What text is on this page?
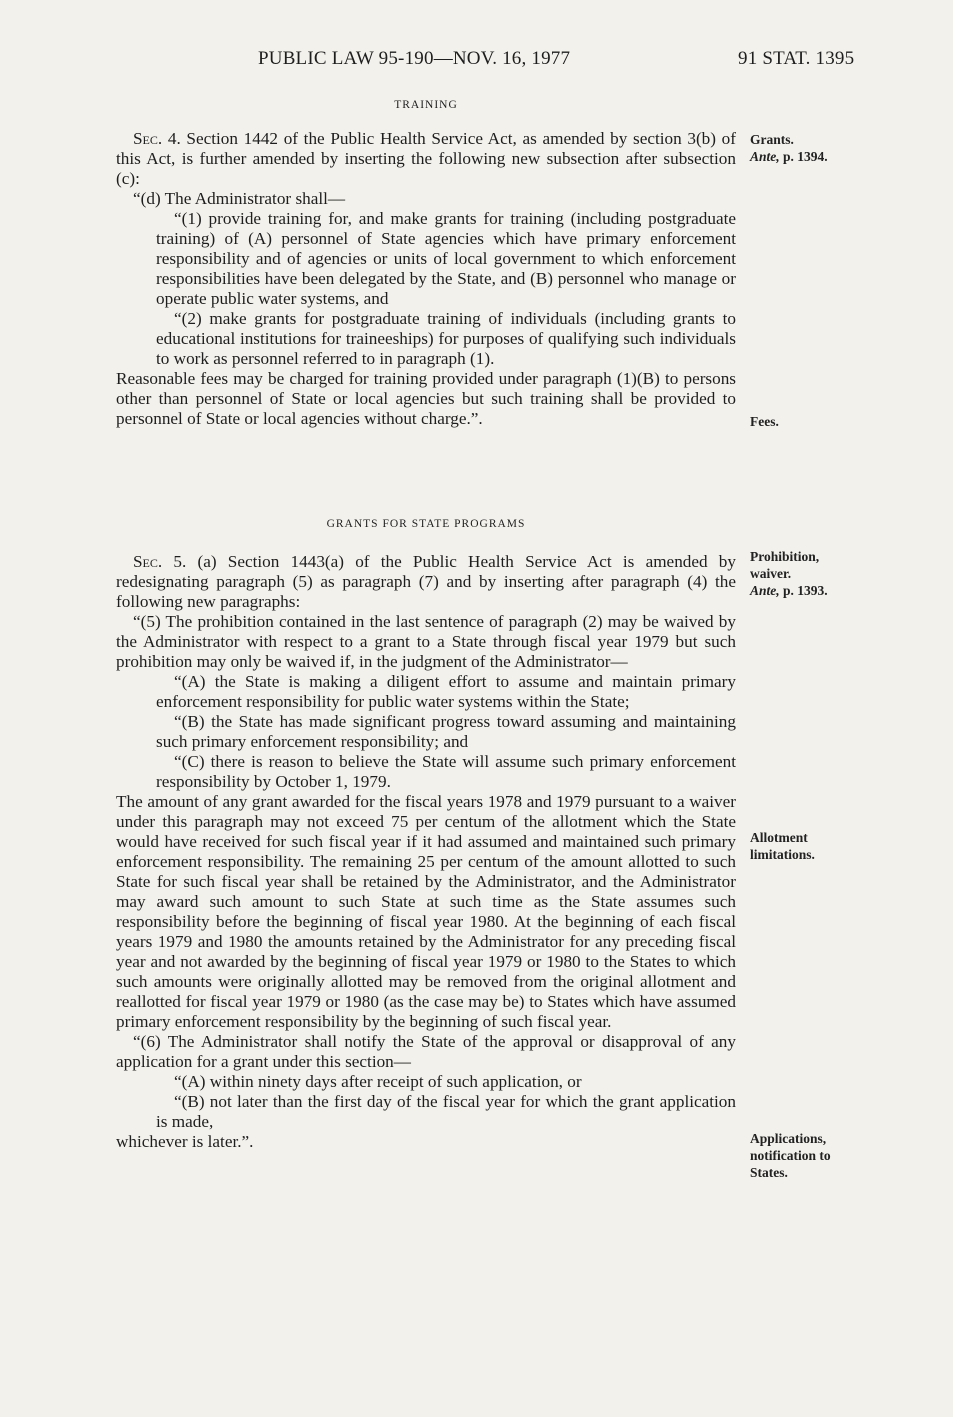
PUBLIC LAW 95-190—NOV. 16, 1977	91 STAT. 1395

TRAINING

Sec. 4. Section 1442 of the Public Health Service Act, as amended by section 3(b) of this Act, is further amended by inserting the following new subsection after subsection (c):

“(d) The Administrator shall—

“(1) provide training for, and make grants for training (including postgraduate training) of (A) personnel of State agencies which have primary enforcement responsibility and of agencies or units of local government to which enforcement responsibilities have been delegated by the State, and (B) personnel who manage or operate public water systems, and

“(2) make grants for postgraduate training of individuals (including grants to educational institutions for traineeships) for purposes of qualifying such individuals to work as personnel referred to in paragraph (1).

Reasonable fees may be charged for training provided under paragraph (1)(B) to persons other than personnel of State or local agencies but such training shall be provided to personnel of State or local agencies without charge.”.

GRANTS FOR STATE PROGRAMS

Sec. 5. (a) Section 1443(a) of the Public Health Service Act is amended by redesignating paragraph (5) as paragraph (7) and by inserting after paragraph (4) the following new paragraphs:

“(5) The prohibition contained in the last sentence of paragraph (2) may be waived by the Administrator with respect to a grant to a State through fiscal year 1979 but such prohibition may only be waived if, in the judgment of the Administrator—

“(A) the State is making a diligent effort to assume and maintain primary enforcement responsibility for public water systems within the State;

“(B) the State has made significant progress toward assuming and maintaining such primary enforcement responsibility; and

“(C) there is reason to believe the State will assume such primary enforcement responsibility by October 1, 1979.

The amount of any grant awarded for the fiscal years 1978 and 1979 pursuant to a waiver under this paragraph may not exceed 75 per centum of the allotment which the State would have received for such fiscal year if it had assumed and maintained such primary enforcement responsibility. The remaining 25 per centum of the amount allotted to such State for such fiscal year shall be retained by the Administrator, and the Administrator may award such amount to such State at such time as the State assumes such responsibility before the beginning of fiscal year 1980. At the beginning of each fiscal years 1979 and 1980 the amounts retained by the Administrator for any preceding fiscal year and not awarded by the beginning of fiscal year 1979 or 1980 to the States to which such amounts were originally allotted may be removed from the original allotment and reallotted for fiscal year 1979 or 1980 (as the case may be) to States which have assumed primary enforcement responsibility by the beginning of such fiscal year.

“(6) The Administrator shall notify the State of the approval or disapproval of any application for a grant under this section—

“(A) within ninety days after receipt of such application, or

“(B) not later than the first day of the fiscal year for which the grant application is made,

whichever is later.”.

Grants.
Ante, p. 1394.
Fees.
Prohibition,
waiver.
Ante, p. 1393.
Allotment
limitations.
Applications,
notification to
States.
